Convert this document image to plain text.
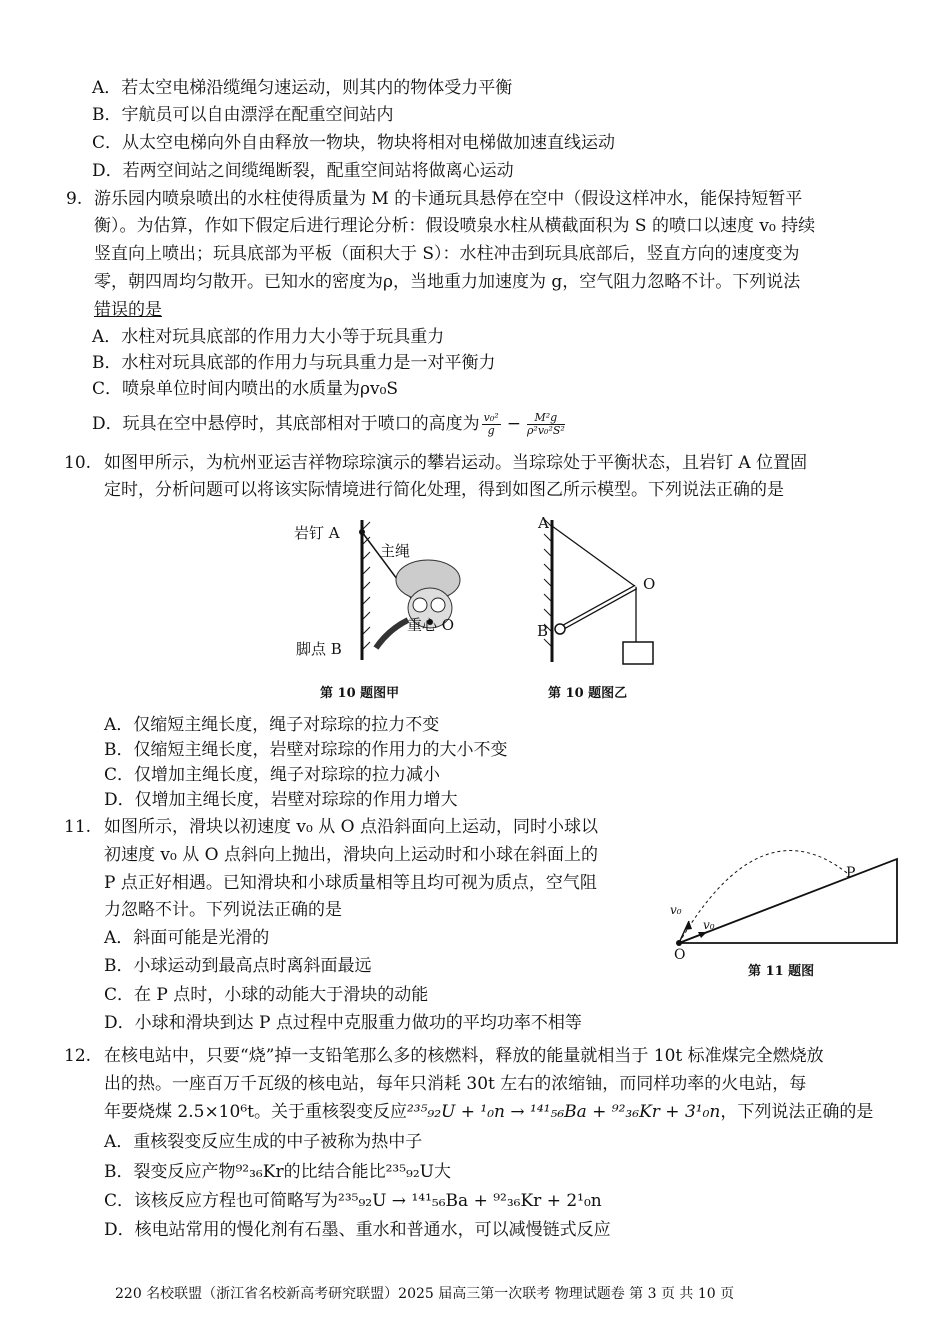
A．若太空电梯沿缆绳匀速运动，则其内的物体受力平衡
B．宇航员可以自由漂浮在配重空间站内
C．从太空电梯向外自由释放一物块，物块将相对电梯做加速直线运动
D．若两空间站之间缆绳断裂，配重空间站将做离心运动
9. 游乐园内喷泉喷出的水柱使得质量为 M 的卡通玩具悬停在空中（假设这样冲水，能保持短暂平
衡）。为估算，作如下假定后进行理论分析：假设喷泉水柱从横截面积为 S 的喷口以速度 v₀ 持续
竖直向上喷出；玩具底部为平板（面积大于 S）：水柱冲击到玩具底部后，竖直方向的速度变为
零，朝四周均匀散开。已知水的密度为ρ，当地重力加速度为 g，空气阻力忽略不计。下列说法
错误的是
A．水柱对玩具底部的作用力大小等于玩具重力
B．水柱对玩具底部的作用力与玩具重力是一对平衡力
C．喷泉单位时间内喷出的水质量为ρv₀S
D．玩具在空中悬停时，其底部相对于喷口的高度为 $\frac{\text{v₀²}}{g} - \frac{\text{M²g}}{\text{ρ²v₀²S²}}$
10. 如图甲所示，为杭州亚运吉祥物琮琮演示的攀岩运动。当琮琮处于平衡状态，且岩钉 A 位置固
定时，分析问题可以将该实际情境进行简化处理，得到如图乙所示模型。下列说法正确的是
岩钉 A
主绳
重心 O
脚点 B
第 10 题图甲
A
O
B
第 10 题图乙
A．仅缩短主绳长度，绳子对琮琮的拉力不变
B．仅缩短主绳长度，岩壁对琮琮的作用力的大小不变
C．仅增加主绳长度，绳子对琮琮的拉力减小
D．仅增加主绳长度，岩壁对琮琮的作用力增大
11. 如图所示，滑块以初速度 v₀ 从 O 点沿斜面向上运动，同时小球以
初速度 v₀ 从 O 点斜向上抛出，滑块向上运动时和小球在斜面上的
P 点正好相遇。已知滑块和小球质量相等且均可视为质点，空气阻
力忽略不计。下列说法正确的是
A．斜面可能是光滑的
B．小球运动到最高点时离斜面最远
C．在 P 点时，小球的动能大于滑块的动能
D．小球和滑块到达 P 点过程中克服重力做功的平均功率不相等
P
O
v₀
v₀
第 11 题图
12. 在核电站中，只要“烧”掉一支铅笔那么多的核燃料，释放的能量就相当于 10t 标准煤完全燃烧放
出的热。一座百万千瓦级的核电站，每年只消耗 30t 左右的浓缩铀，而同样功率的火电站，每
年要烧煤 2.5×10⁶t。关于重核裂变反应²³⁵₉₂U + ¹₀n → ¹⁴¹₅₆Ba + ⁹²₃₆Kr + 3¹₀n，下列说法正确的是
A．重核裂变反应生成的中子被称为热中子
B．裂变反应产物⁹²₃₆Kr的比结合能比²³⁵₉₂U大
C．该核反应方程也可简略写为²³⁵₉₂U → ¹⁴¹₅₆Ba + ⁹²₃₆Kr + 2¹₀n
D．核电站常用的慢化剂有石墨、重水和普通水，可以减慢链式反应
220 名校联盟（浙江省名校新高考研究联盟）2025 届高三第一次联考 物理试题卷 第 3 页 共 10 页
